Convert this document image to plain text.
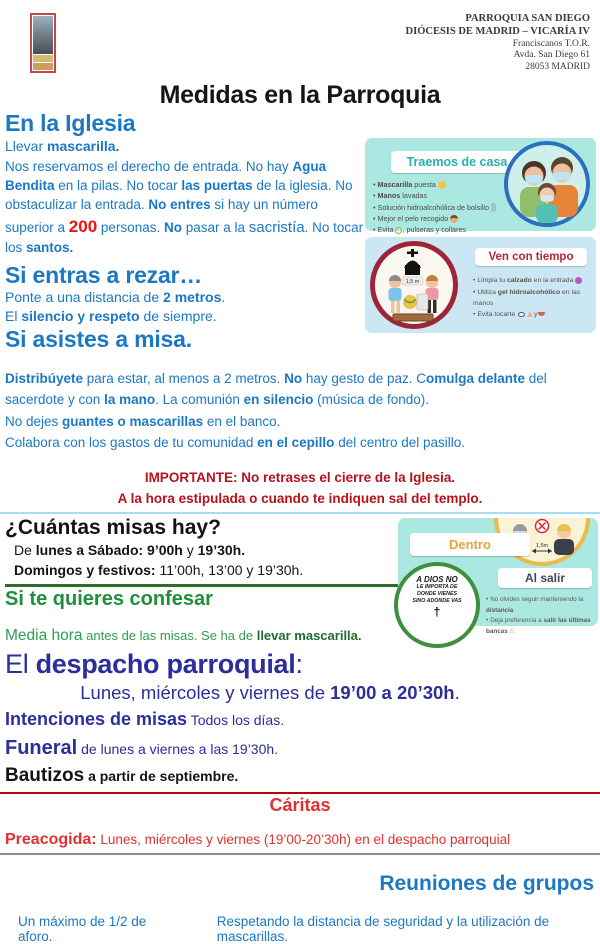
PARROQUIA SAN DIEGO
DIÓCESIS DE MADRID – VICARÍA IV
Franciscanos T.O.R.
Avda. San Diego 61
28053 MADRID
Medidas en la Parroquia
En la Iglesia
Llevar mascarilla.

Nos reservamos el derecho de entrada. No hay Agua Bendita en la pilas. No tocar las puertas de la iglesia. No obstaculizar la entrada. No entres si hay un número superior a 200 personas. No pasar a la sacristía. No tocar los santos.

Si entras a rezar…
Ponte a una distancia de 2 metros.
El silencio y respeto de siempre.
Si asistes a misa.
Traemos de casa
• Mascarilla puesta
• Manos lavadas
• Solución hidroalcohólica de bolsillo
• Mejor el pelo recogido
• Evita , pulseras y collares
1,5 m
Ven con tiempo
• Limpia tu calzado en la entrada
• Utiliza gel hidroalcohólico en las manos
• Evita tocarte	y

Distribúyete para estar, al menos a 2 metros. No hay gesto de paz. Comulga delante del sacerdote y con la mano. La comunión en silencio (música de fondo).
No dejes guantes o mascarillas en el banco.
Colabora con los gastos de tu comunidad en el cepillo del centro del pasillo.

IMPORTANTE: No retrases el cierre de la Iglesia.
A la hora estipulada o cuando te indiquen sal del templo.
¿Cuántas misas hay?
De lunes a Sábado: 9’00h y 19’30h.
Domingos y festivos: 11’00h, 13’00 y 19’30h.
Si te quieres confesar
Media hora antes de las misas. Se ha de llevar mascarilla.
1,5m
Dentro
A DIOS NO
LE IMPORTA DE
DONDE VIENES
SINO ADONDE VAS
†
Al salir
• No olvides seguir manteniendo la distancia
• Deja preferencia a salir las últimas bancas⚠
El despacho parroquial:
Lunes, miércoles y viernes de 19’00 a 20’30h.
Intenciones de misas Todos los días.
Funeral de lunes a viernes a las 19’30h.
Bautizos a partir de septiembre.
Cáritas
Preacogida: Lunes, miércoles y viernes (19’00-20’30h) en el despacho parroquial
Reuniones de grupos
Un máximo de 1/2 de aforo.
Respetando la distancia de seguridad y la utilización de mascarillas.
